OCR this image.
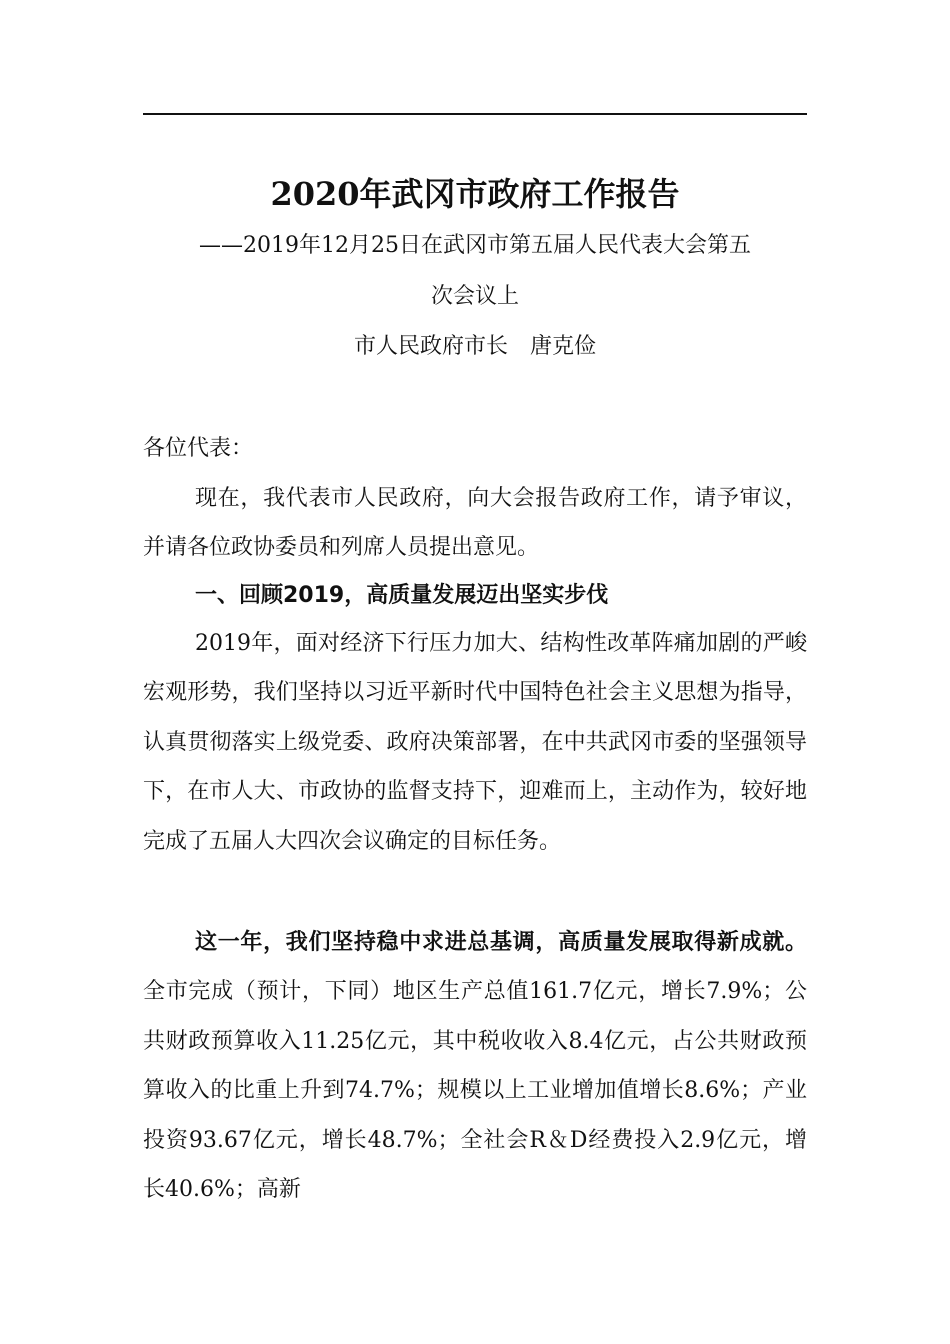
2020年武冈市政府工作报告
——2019年12月25日在武冈市第五届人民代表大会第五
次会议上
市人民政府市长　唐克俭
各位代表：
现在，我代表市人民政府，向大会报告政府工作，请予审议，并请各位政协委员和列席人员提出意见。
一、回顾2019，高质量发展迈出坚实步伐
2019年，面对经济下行压力加大、结构性改革阵痛加剧的严峻宏观形势，我们坚持以习近平新时代中国特色社会主义思想为指导，认真贯彻落实上级党委、政府决策部署，在中共武冈市委的坚强领导下，在市人大、市政协的监督支持下，迎难而上，主动作为，较好地完成了五届人大四次会议确定的目标任务。
这一年，我们坚持稳中求进总基调，高质量发展取得新成就。全市完成（预计，下同）地区生产总值161.7亿元，增长7.9%；公共财政预算收入11.25亿元，其中税收收入8.4亿元，占公共财政预算收入的比重上升到74.7%；规模以上工业增加值增长8.6%；产业投资93.67亿元，增长48.7%；全社会R＆D经费投入2.9亿元，增长40.6%；高新
